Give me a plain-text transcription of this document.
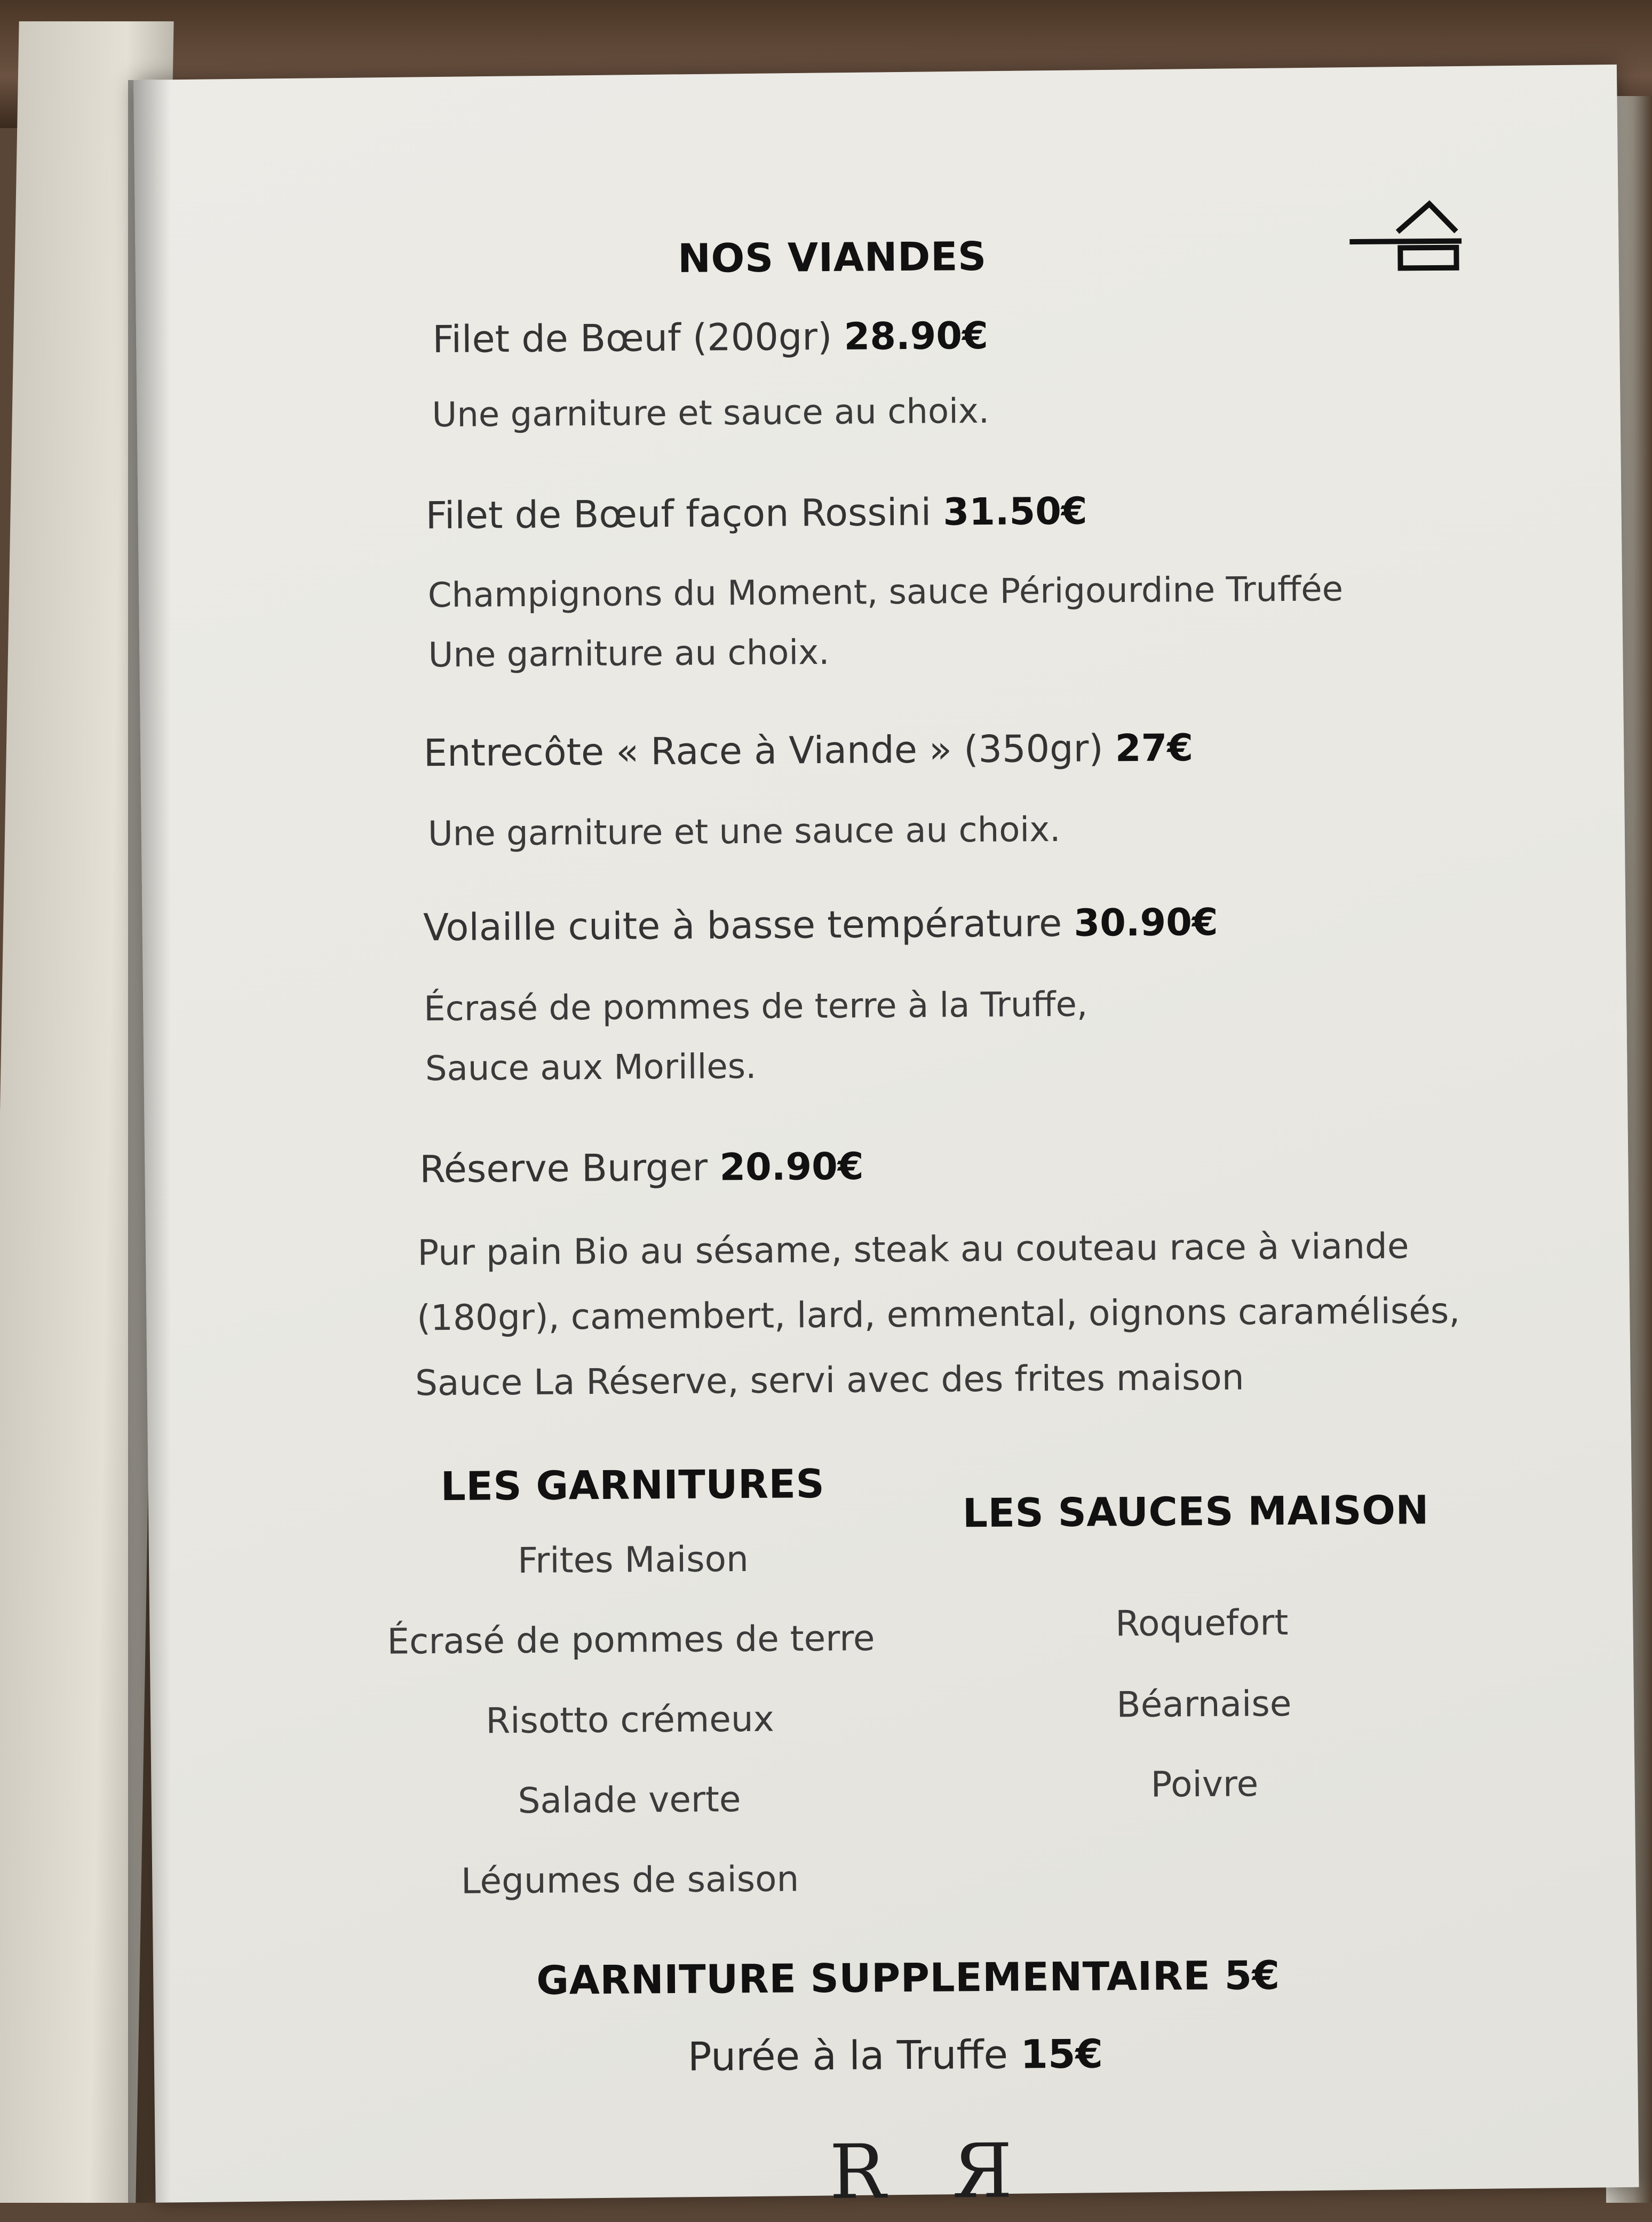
NOS VIANDES
Filet de Bœuf (200gr) 28.90€
Une garniture et sauce au choix.
Filet de Bœuf façon Rossini 31.50€
Champignons du Moment, sauce Périgourdine Truffée
Une garniture au choix.
Entrecôte « Race à Viande » (350gr) 27€
Une garniture et une sauce au choix.
Volaille cuite à basse température 30.90€
Écrasé de pommes de terre à la Truffe,
Sauce aux Morilles.
Réserve Burger 20.90€
Pur pain Bio au sésame, steak au couteau race à viande
(180gr), camembert, lard, emmental, oignons caramélisés,
Sauce La Réserve, servi avec des frites maison
LES GARNITURES
Frites Maison
Écrasé de pommes de terre
Risotto crémeux
Salade verte
Légumes de saison
LES SAUCES MAISON
Roquefort
Béarnaise
Poivre
GARNITURE SUPPLEMENTAIRE 5€
Purée à la Truffe 15€
R Я
